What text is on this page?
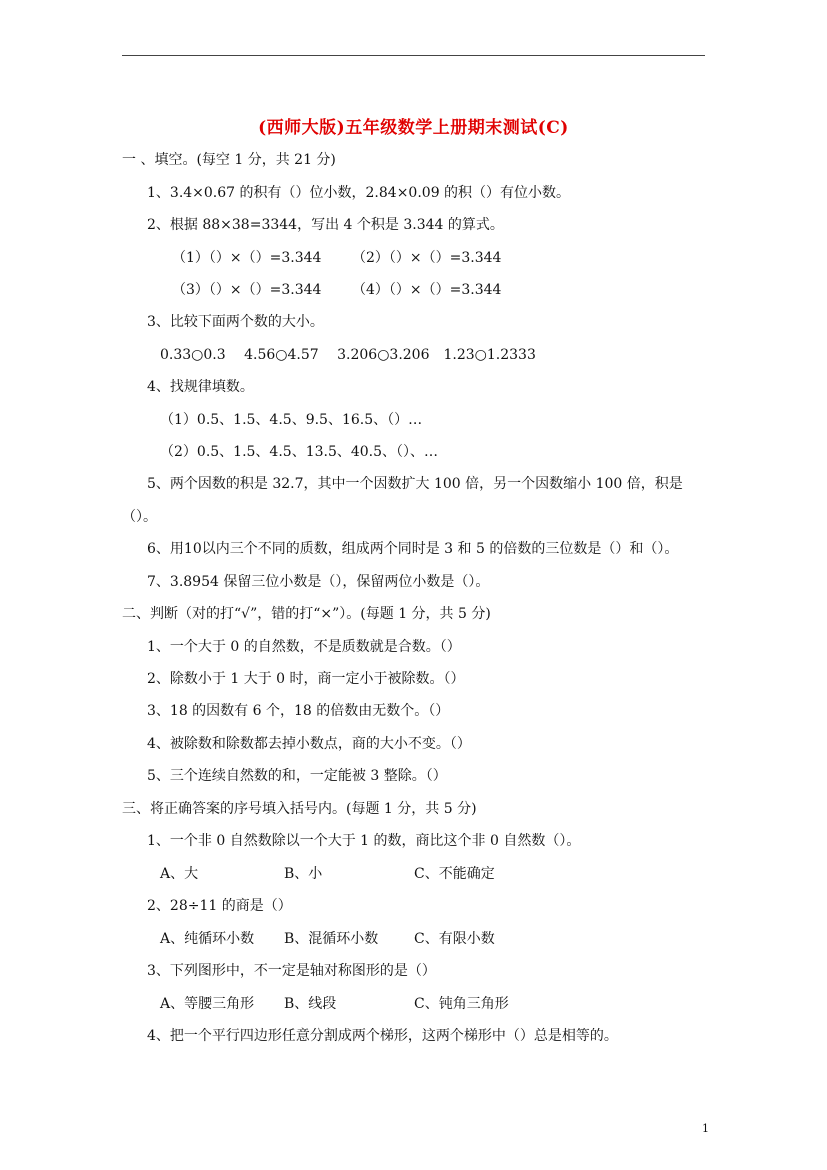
(西师大版)五年级数学上册期末测试(C)
一 、填空。(每空 1 分，共 21 分)
1、3.4×0.67 的积有（）位小数，2.84×0.09 的积（）有位小数。
2、根据 88×38=3344，写出 4 个积是 3.344 的算式。
（1）（）×（）=3.344 （2）（）×（）=3.344
（3）（）×（）=3.344 （4）（）×（）=3.344
3、比较下面两个数的大小。
0.33○0.3　 4.56○4.57　 3.206○3.206　1.23○1.2333
4、找规律填数。
（1）0.5、1.5、4.5、9.5、16.5、（）…
（2）0.5、1.5、4.5、13.5、40.5、（）、…
5、两个因数的积是 32.7，其中一个因数扩大 100 倍，另一个因数缩小 100 倍，积是
（）。
6、用10以内三个不同的质数，组成两个同时是 3 和 5 的倍数的三位数是（）和（）。
7、3.8954 保留三位小数是（），保留两位小数是（）。
二、判断（对的打“√”，错的打“×”）。(每题 1 分，共 5 分)
1、一个大于 0 的自然数，不是质数就是合数。（）
2、除数小于 1 大于 0 时，商一定小于被除数。（）
3、18 的因数有 6 个，18 的倍数由无数个。（）
4、被除数和除数都去掉小数点，商的大小不变。（）
5、三个连续自然数的和，一定能被 3 整除。（）
三、将正确答案的序号填入括号内。(每题 1 分，共 5 分)
1、一个非 0 自然数除以一个大于 1 的数，商比这个非 0 自然数（）。
A、大	B、小	C、不能确定
2、28÷11 的商是（）
A、纯循环小数 B、混循环小数	C、有限小数
3、下列图形中，不一定是轴对称图形的是（）
A、等腰三角形 B、线段	C、钝角三角形
4、把一个平行四边形任意分割成两个梯形，这两个梯形中（）总是相等的。
1
